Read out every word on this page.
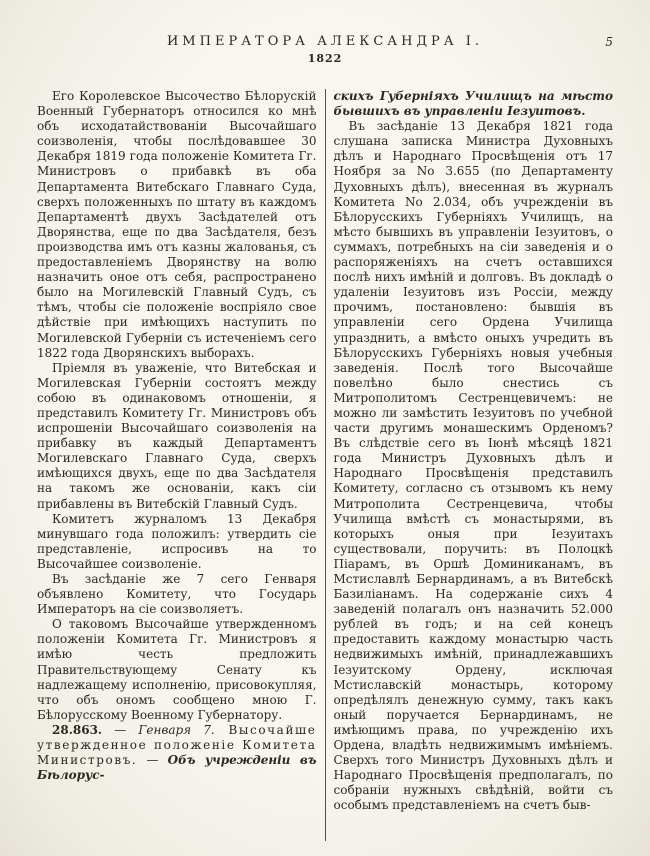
ИМПЕРАТОРА АЛЕКСАНДРА I.	5
1822

Его Королевское Высочество Бѣлорускій Военный Губернаторъ относился ко мнѣ объ исходатайствованіи Высочайшаго соизволенія, чтобы послѣдовавшее 30 Декабря 1819 года положеніе Комитета Гг. Министровъ о прибавкѣ въ оба Департамента Витебскаго Главнаго Суда, сверхъ положенныхъ по штату въ каждомъ Департаментѣ двухъ Засѣдателей отъ Дворянства, еще по два Засѣдателя, безъ производства имъ отъ казны жалованья, съ предоставленіемъ Дворянству на волю назначить оное отъ себя, распространено было на Могилевскій Главный Судъ, съ тѣмъ, чтобы сіе положеніе воспріяло свое дѣйствіе при имѣющихъ наступить по Могилевской Губерніи съ истеченіемъ сего 1822 года Дворянскихъ выборахъ.

Пріемля въ уваженіе, что Витебская и Могилевская Губерніи состоятъ между собою въ одинаковомъ отношеніи, я представилъ Комитету Гг. Министровъ объ испрошеніи Высочайшаго соизволенія на прибавку въ каждый Департаментъ Могилевскаго Главнаго Суда, сверхъ имѣющихся двухъ, еще по два Засѣдателя на такомъ же основаніи, какъ сіи прибавлены въ Витебскій Главный Судъ.

Комитетъ журналомъ 13 Декабря минувшаго года положилъ: утвердить сіе представленіе, испросивъ на то Высочайшее соизволеніе.

Въ засѣданіе же 7 сего Генваря объявлено Комитету, что Государь Императоръ на сіе соизволяетъ.

О таковомъ Высочайше утвержденномъ положеніи Комитета Гг. Министровъ я имѣю честь предложить Правительствующему Сенату къ надлежащему исполненію, присовокупляя, что объ ономъ сообщено мною Г. Бѣлорусскому Военному Губернатору.

28.863. — Генваря 7. Высочайше утвержденное положеніе Комитета Министровъ. — Объ учрежденіи въ Бѣлорус-

скихъ Губерніяхъ Училищъ на мѣсто бывшихъ въ управленіи Іезуитовъ.

Въ засѣданіе 13 Декабря 1821 года слушана записка Министра Духовныхъ дѣлъ и Народнаго Просвѣщенія отъ 17 Ноября за No 3.655 (по Департаменту Духовныхъ дѣлъ), внесенная въ журналъ Комитета No 2.034, объ учрежденіи въ Бѣлорусскихъ Губерніяхъ Училищъ, на мѣсто бывшихъ въ управленіи Іезуитовъ, о суммахъ, потребныхъ на сіи заведенія и о распоряженіяхъ на счетъ оставшихся послѣ нихъ имѣній и долговъ. Въ докладѣ о удаленіи Іезуитовъ изъ Россіи, между прочимъ, постановлено: бывшія въ управленіи сего Ордена Училища упразднить, а вмѣсто оныхъ учредить въ Бѣлорусскихъ Губерніяхъ новыя учебныя заведенія. Послѣ того Высочайше повелѣно было снестись съ Митрополитомъ Сестренцевичемъ: не можно ли замѣстить Іезуитовъ по учебной части другимъ монашескимъ Орденомъ? Въ слѣдствіе сего въ Іюнѣ мѣсяцѣ 1821 года Министръ Духовныхъ дѣлъ и Народнаго Просвѣщенія представилъ Комитету, согласно съ отзывомъ къ нему Митрополита Сестренцевича, чтобы Училища вмѣстѣ съ монастырями, въ которыхъ оныя при Іезуитахъ существовали, поручить: въ Полоцкѣ Піарамъ, въ Оршѣ Доминиканамъ, въ Мстиславлѣ Бернардинамъ, а въ Витебскѣ Базиліанамъ. На содержаніе сихъ 4 заведеній полагалъ онъ назначить 52.000 рублей въ годъ; и на сей конецъ предоставить каждому монастырю часть недвижимыхъ имѣній, принадлежавшихъ Іезуитскому Ордену, исключая Мстиславскій монастырь, которому опредѣлялъ денежную сумму, такъ какъ оный поручается Бернардинамъ, не имѣющимъ права, по учрежденію ихъ Ордена, владѣть недвижимымъ имѣніемъ. Сверхъ того Министръ Духовныхъ дѣлъ и Народнаго Просвѣщенія предполагалъ, по собраніи нужныхъ свѣдѣній, войти съ особымъ представленіемъ на счетъ быв-
